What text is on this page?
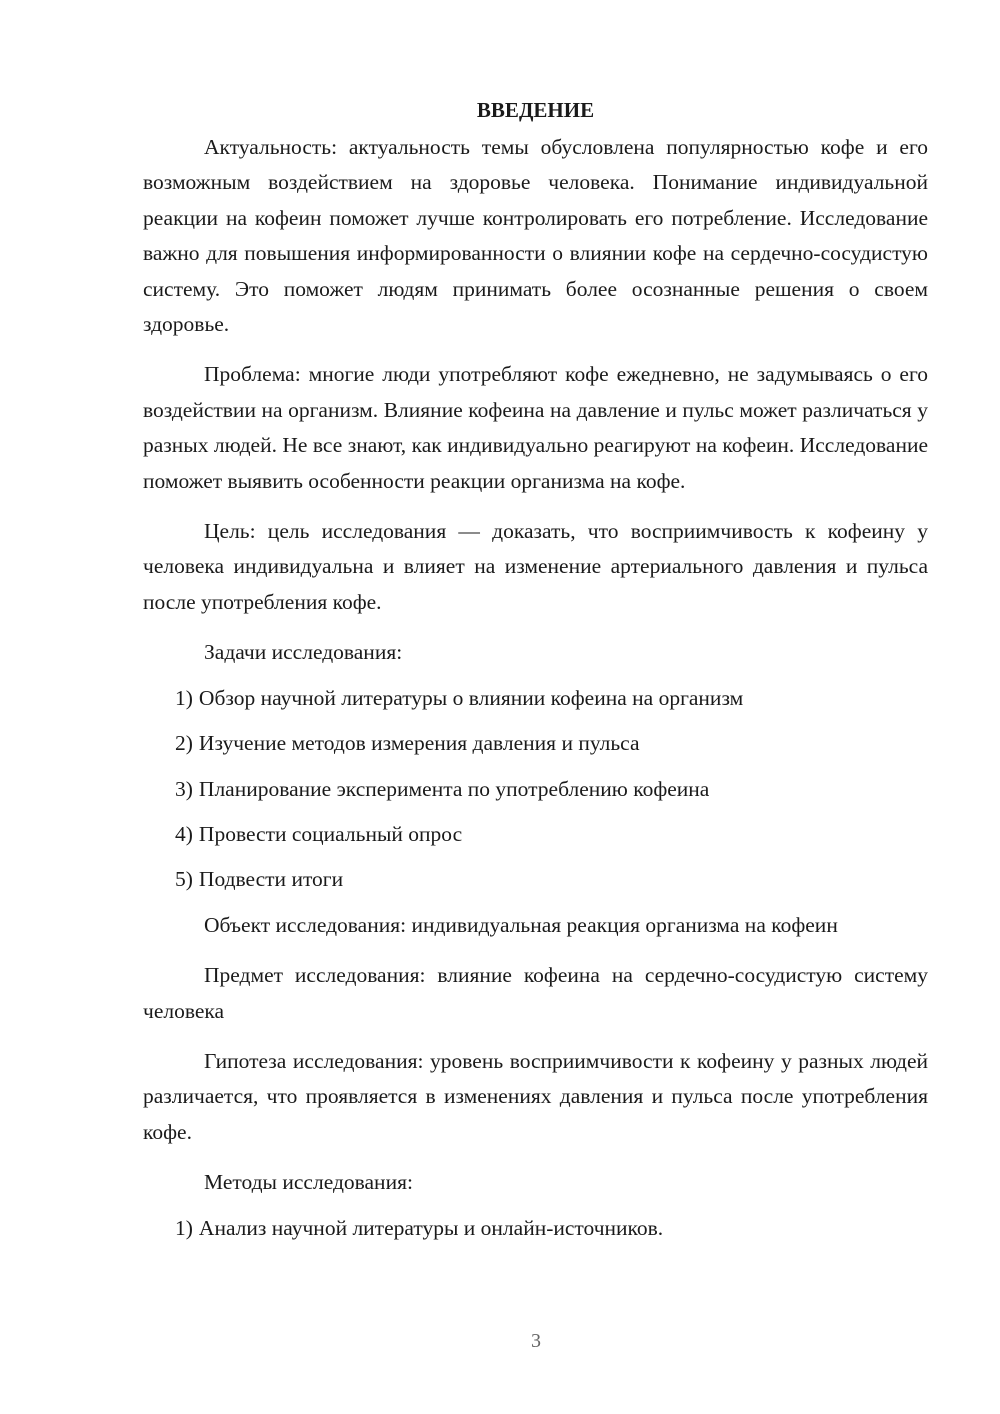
ВВЕДЕНИЕ

Актуальность: актуальность темы обусловлена популярностью кофе и его возможным воздействием на здоровье человека. Понимание индивидуальной реакции на кофеин поможет лучше контролировать его потребление. Исследование важно для повышения информированности о влиянии кофе на сердечно-сосудистую систему. Это поможет людям принимать более осознанные решения о своем здоровье.

Проблема: многие люди употребляют кофе ежедневно, не задумываясь о его воздействии на организм. Влияние кофеина на давление и пульс может различаться у разных людей. Не все знают, как индивидуально реагируют на кофеин. Исследование поможет выявить особенности реакции организма на кофе.

Цель: цель исследования — доказать, что восприимчивость к кофеину у человека индивидуальна и влияет на изменение артериального давления и пульса после употребления кофе.

Задачи исследования:

1) Обзор научной литературы о влиянии кофеина на организм
2) Изучение методов измерения давления и пульса
3) Планирование эксперимента по употреблению кофеина
4) Провести социальный опрос
5) Подвести итоги

Объект исследования: индивидуальная реакция организма на кофеин

Предмет исследования: влияние кофеина на сердечно-сосудистую систему человека

Гипотеза исследования: уровень восприимчивости к кофеину у разных людей различается, что проявляется в изменениях давления и пульса после употребления кофе.

Методы исследования:

1) Анализ научной литературы и онлайн-источников.
3
